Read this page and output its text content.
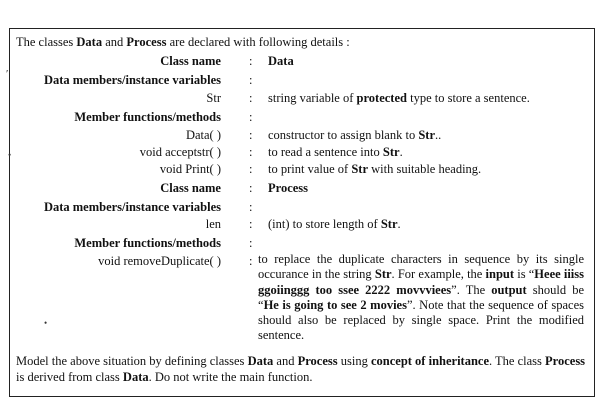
The classes Data and Process are declared with following details :
Class name : Data
Data members/instance variables :
Str : string variable of protected type to store a sentence.
Member functions/methods :
Data( ) : constructor to assign blank to Str..
void acceptstr( ) : to read a sentence into Str.
void Print( ) : to print value of Str with suitable heading.
Class name : Process
Data members/instance variables :
len : (int) to store length of Str.
Member functions/methods :
void removeDuplicate( ) : to replace the duplicate characters in sequence by its single occurance in the string Str. For example, the input is “Heee iiiss ggoiinggg too ssee 2222 movvviees”. The output should be “He is going to see 2 movies”. Note that the sequence of spaces should also be replaced by single space. Print the modified sentence.
Model the above situation by defining classes Data and Process using concept of inheritance. The class Process is derived from class Data. Do not write the main function.
′
•
•
